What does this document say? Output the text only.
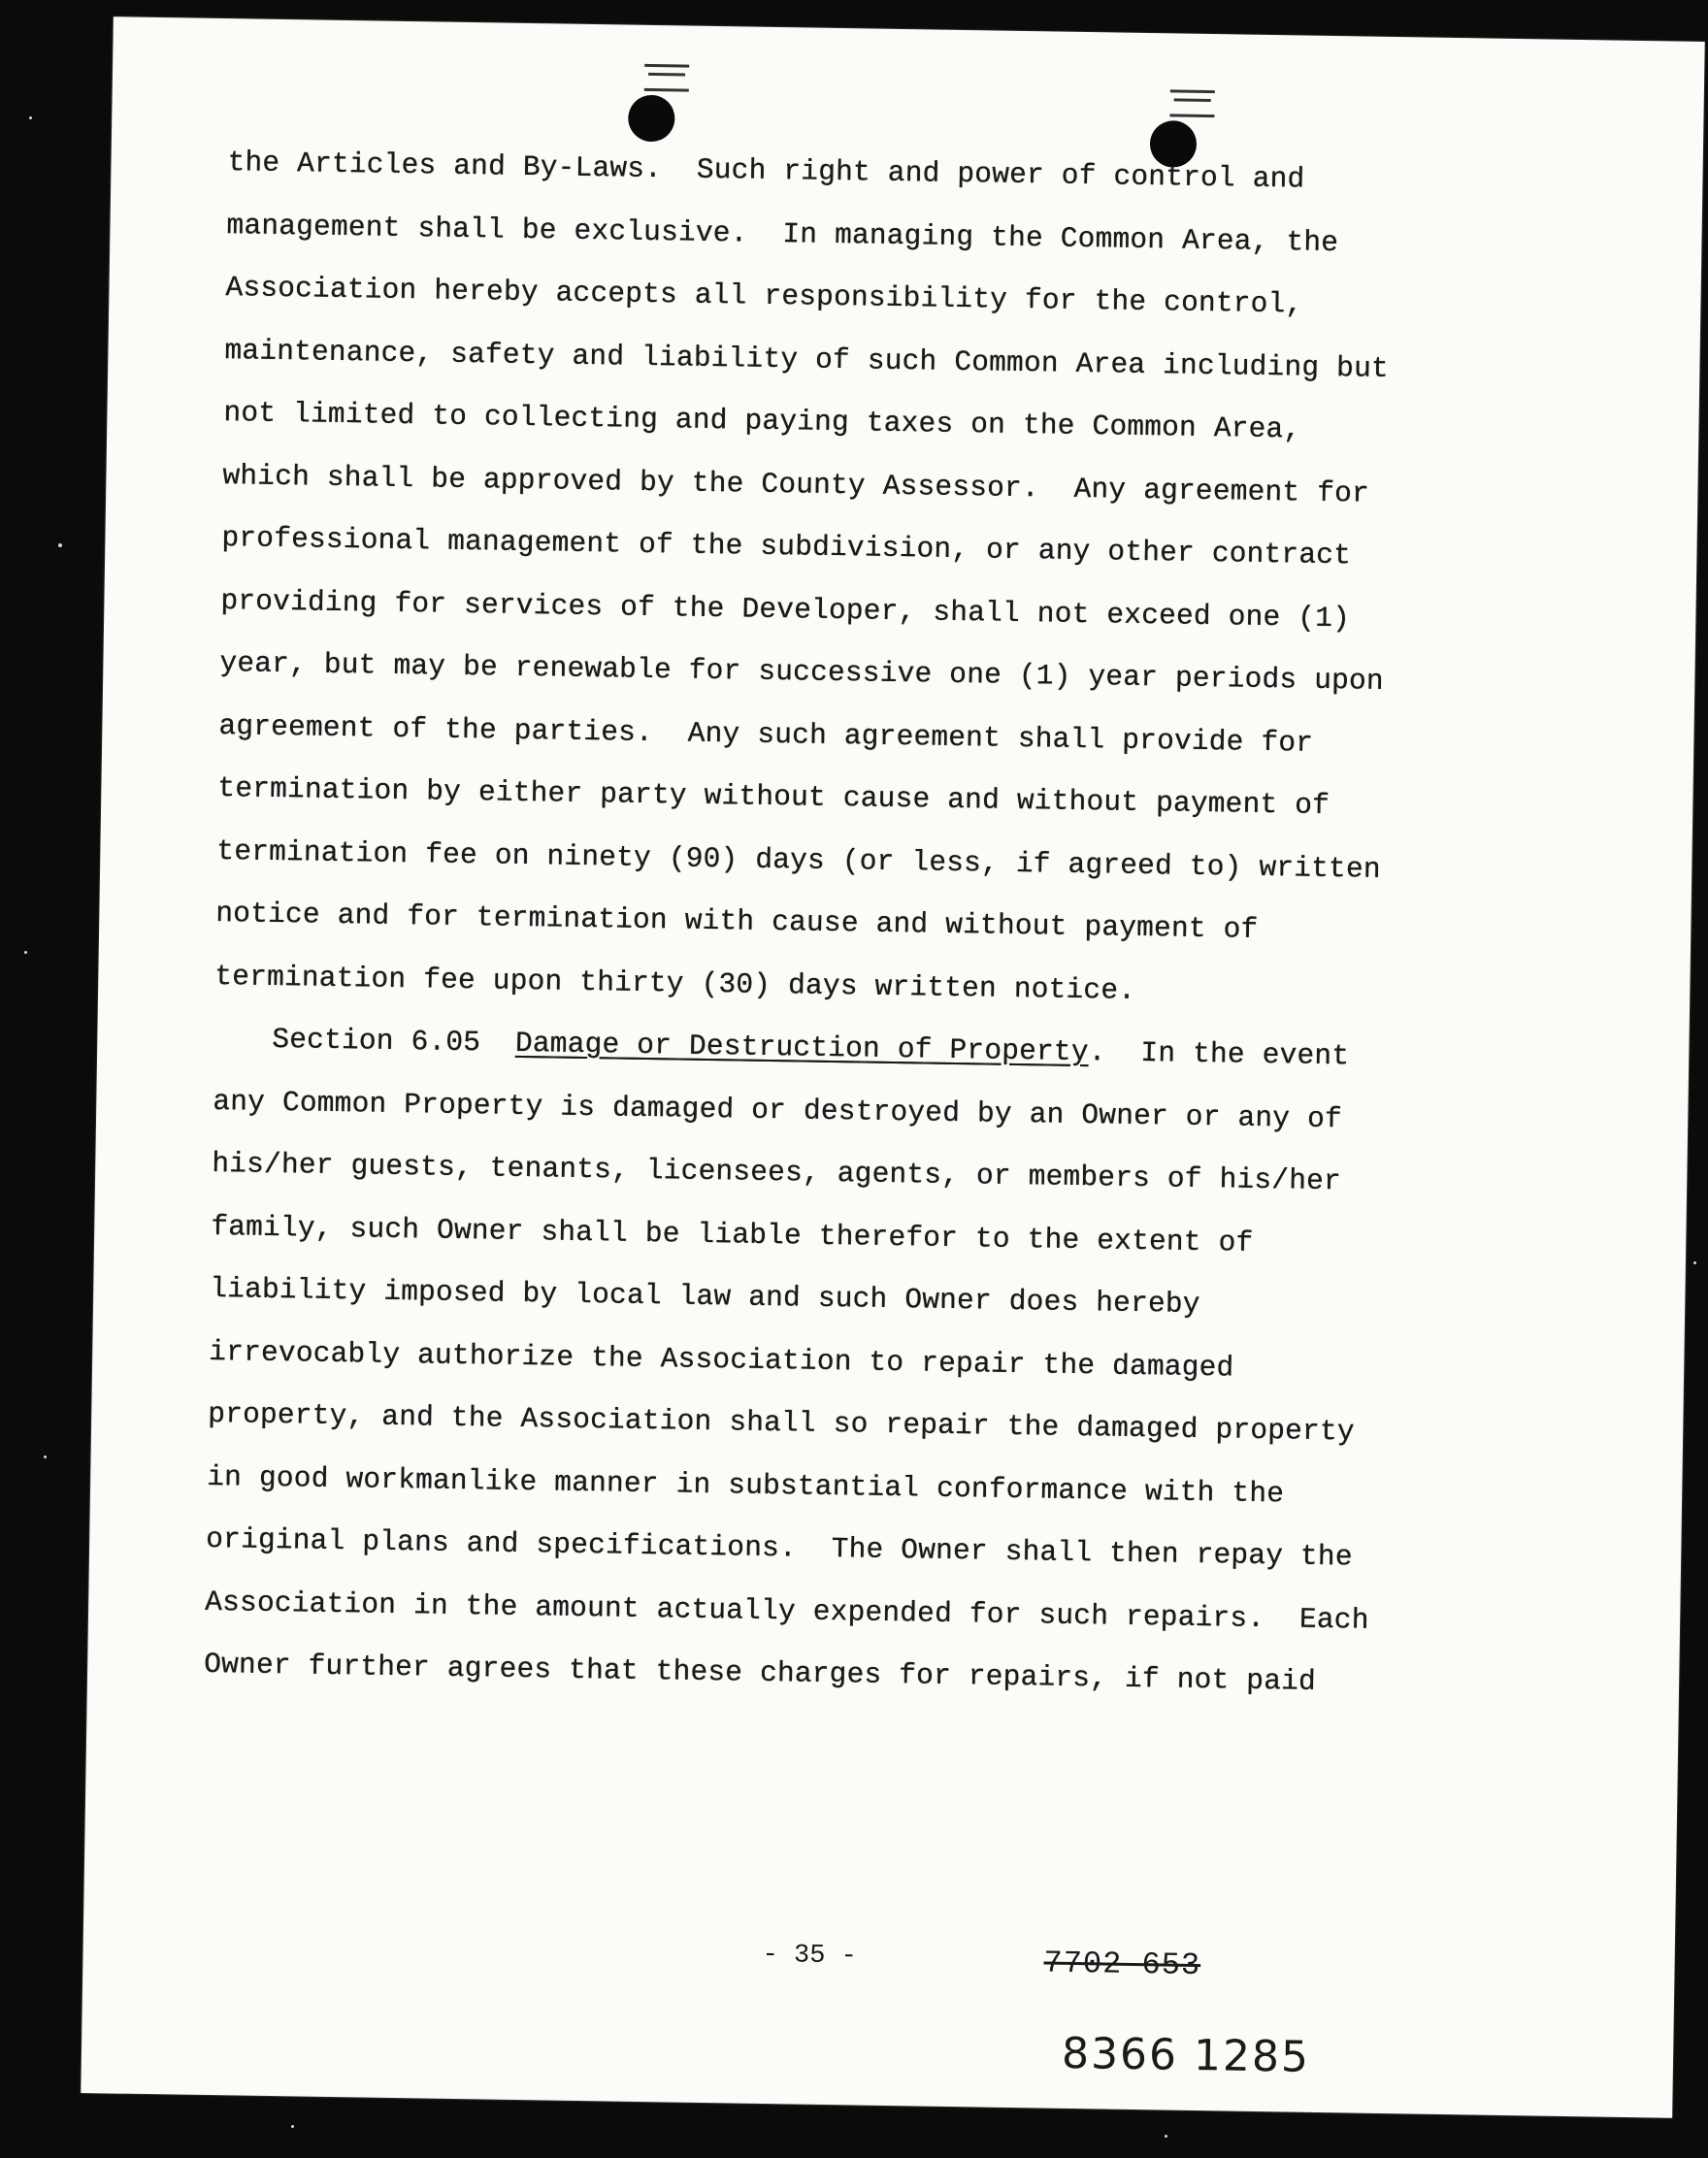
the Articles and By-Laws.  Such right and power of control and
management shall be exclusive.  In managing the Common Area, the
Association hereby accepts all responsibility for the control,
maintenance, safety and liability of such Common Area including but
not limited to collecting and paying taxes on the Common Area,
which shall be approved by the County Assessor.  Any agreement for
professional management of the subdivision, or any other contract
providing for services of the Developer, shall not exceed one (1)
year, but may be renewable for successive one (1) year periods upon
agreement of the parties.  Any such agreement shall provide for
termination by either party without cause and without payment of
termination fee on ninety (90) days (or less, if agreed to) written
notice and for termination with cause and without payment of
termination fee upon thirty (30) days written notice.
Section 6.05 Damage or Destruction of Property.  In the event
any Common Property is damaged or destroyed by an Owner or any of
his/her guests, tenants, licensees, agents, or members of his/her
family, such Owner shall be liable therefor to the extent of
liability imposed by local law and such Owner does hereby
irrevocably authorize the Association to repair the damaged
property, and the Association shall so repair the damaged property
in good workmanlike manner in substantial conformance with the
original plans and specifications.  The Owner shall then repay the
Association in the amount actually expended for such repairs.  Each
Owner further agrees that these charges for repairs, if not paid
- 35 -	7702 653
8366 1285
